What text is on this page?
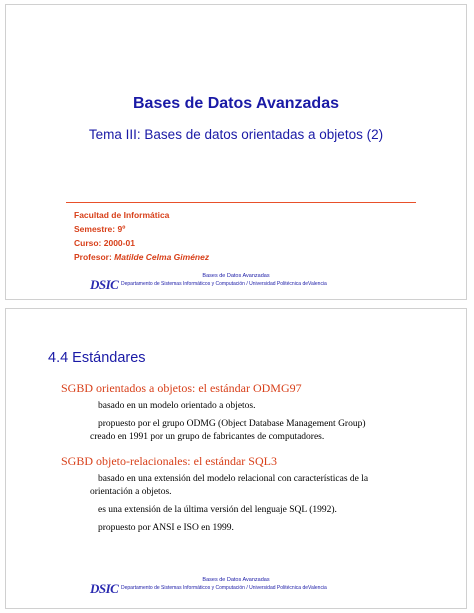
Bases de Datos Avanzadas
Tema III: Bases de datos orientadas a objetos (2)
Facultad de Informática
Semestre: 9º
Curso: 2000-01
Profesor: Matilde Celma Giménez
Bases de Datos Avanzadas
DSIC Departamento de Sistemas Informáticos y Computación / Universidad Politécnica deValencia
4.4 Estándares
SGBD orientados a objetos: el estándar ODMG97
basado en un modelo orientado a objetos.
propuesto por el grupo ODMG (Object Database Management Group)
creado en 1991 por un grupo de fabricantes de computadores.
SGBD objeto-relacionales: el estándar SQL3
basado en una extensión del modelo relacional con características de la
orientación a objetos.
es una extensión de la última versión del lenguaje SQL (1992).
propuesto por ANSI e ISO en 1999.
Bases de Datos Avanzadas
DSIC Departamento de Sistemas Informáticos y Computación / Universidad Politécnica deValencia
